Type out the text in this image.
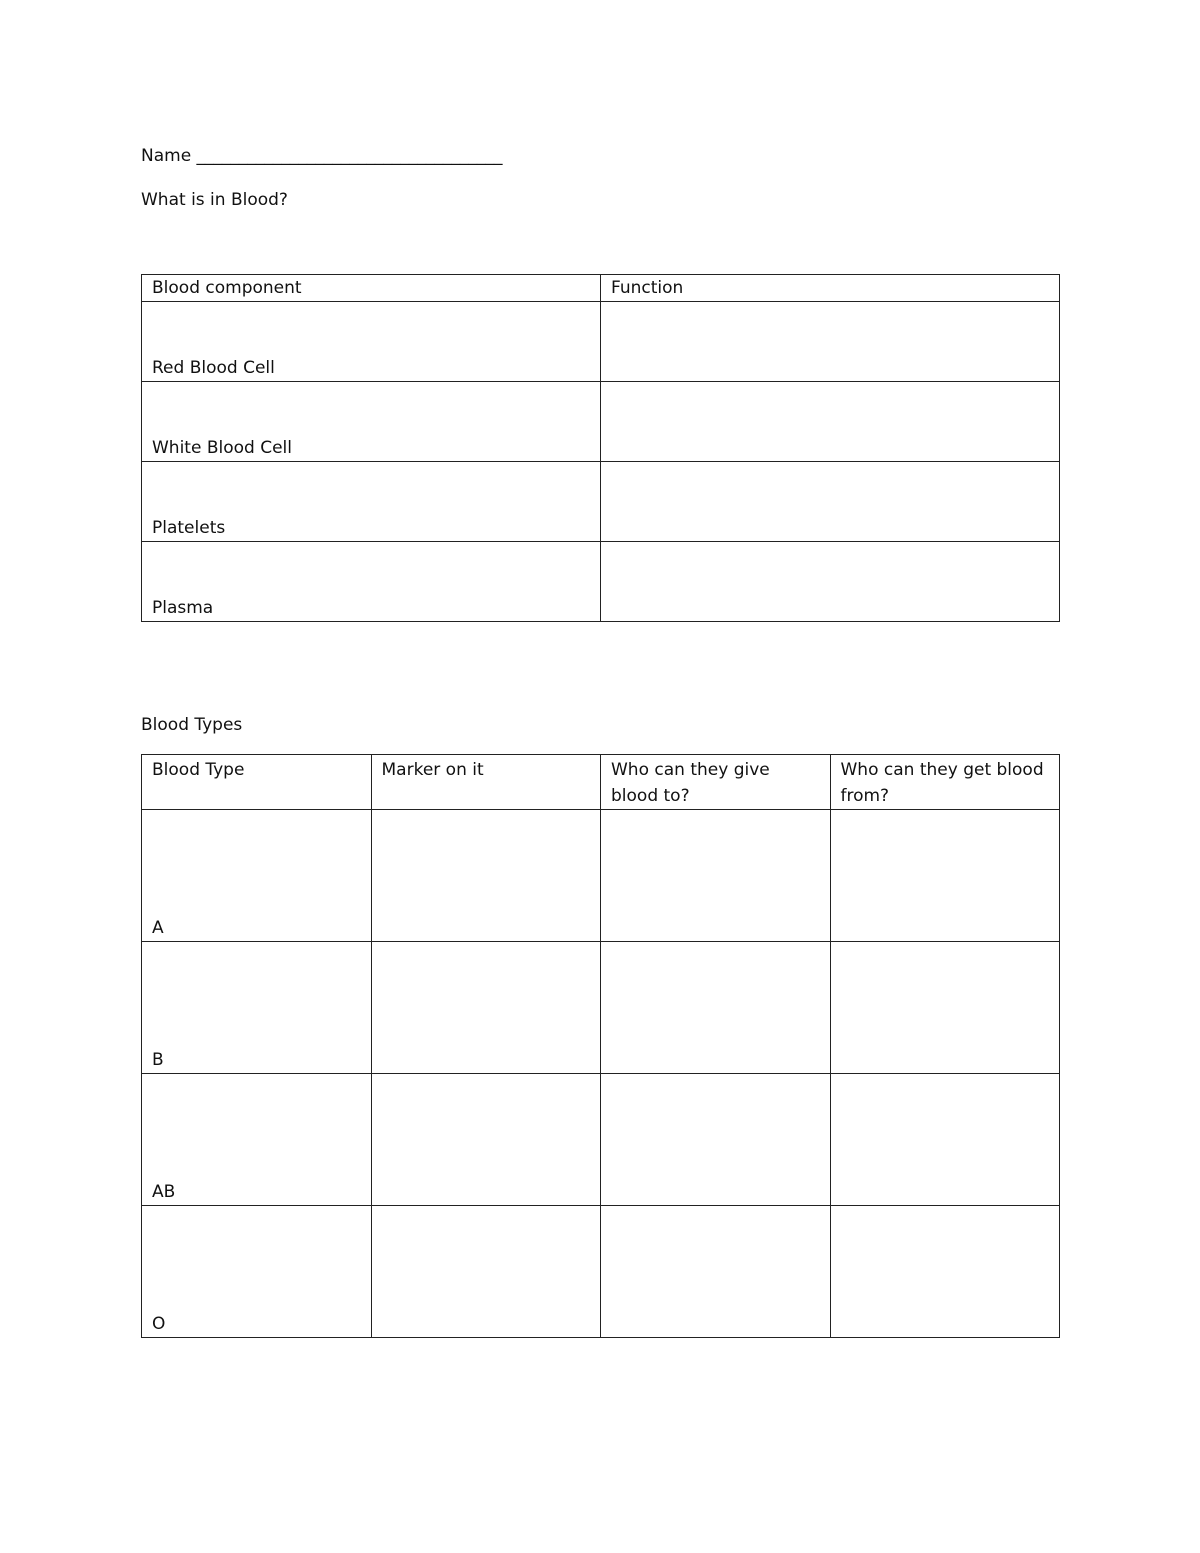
Name ____________________________________
What is in Blood?
Blood component	Function
Red Blood Cell	
White Blood Cell	
Platelets	
Plasma	
Blood Types
Blood Type	Marker on it	Who can they give blood to?	Who can they get blood from?
A			
B			
AB			
O			
